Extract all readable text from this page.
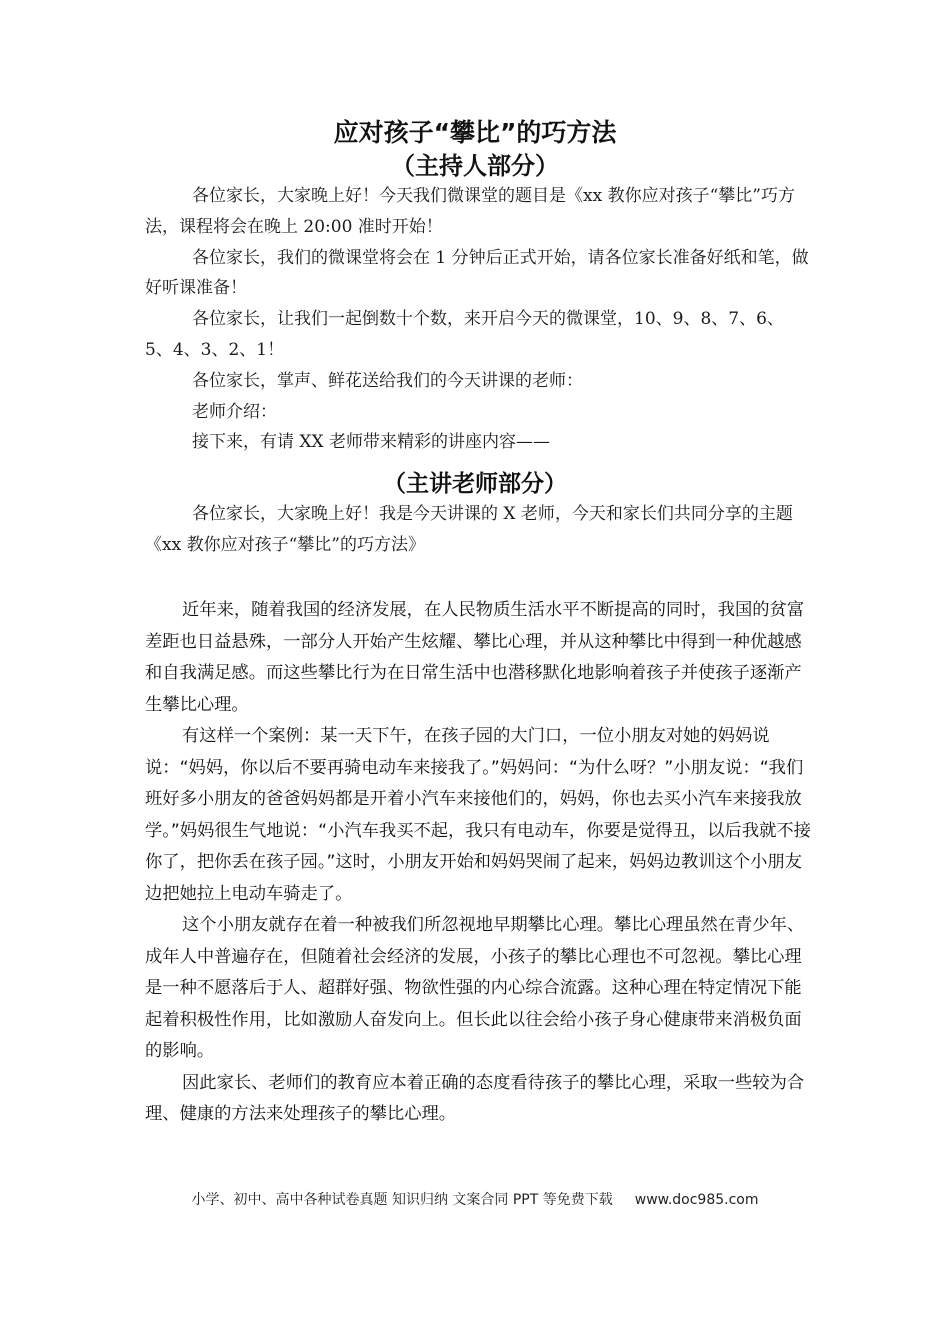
应对孩子“攀比”的巧方法
（主持人部分）

各位家长，大家晚上好！今天我们微课堂的题目是《xx 教你应对孩子“攀比”巧方法，课程将会在晚上 20:00 准时开始！

各位家长，我们的微课堂将会在 1 分钟后正式开始，请各位家长准备好纸和笔，做好听课准备！

各位家长，让我们一起倒数十个数，来开启今天的微课堂，10、9、8、7、6、5、4、3、2、1！

各位家长，掌声、鲜花送给我们的今天讲课的老师：

老师介绍：

接下来，有请 XX 老师带来精彩的讲座内容——

（主讲老师部分）

各位家长，大家晚上好！我是今天讲课的 X 老师，今天和家长们共同分享的主题《xx 教你应对孩子“攀比”的巧方法》

近年来，随着我国的经济发展，在人民物质生活水平不断提高的同时，我国的贫富差距也日益悬殊，一部分人开始产生炫耀、攀比心理，并从这种攀比中得到一种优越感和自我满足感。而这些攀比行为在日常生活中也潜移默化地影响着孩子并使孩子逐渐产生攀比心理。

有这样一个案例：某一天下午，在孩子园的大门口，一位小朋友对她的妈妈说说：“妈妈，你以后不要再骑电动车来接我了。”妈妈问：“为什么呀？”小朋友说：“我们班好多小朋友的爸爸妈妈都是开着小汽车来接他们的，妈妈，你也去买小汽车来接我放学。”妈妈很生气地说：“小汽车我买不起，我只有电动车，你要是觉得丑，以后我就不接你了，把你丢在孩子园。”这时，小朋友开始和妈妈哭闹了起来，妈妈边教训这个小朋友边把她拉上电动车骑走了。

这个小朋友就存在着一种被我们所忽视地早期攀比心理。攀比心理虽然在青少年、成年人中普遍存在，但随着社会经济的发展，小孩子的攀比心理也不可忽视。攀比心理是一种不愿落后于人、超群好强、物欲性强的内心综合流露。这种心理在特定情况下能起着积极性作用，比如激励人奋发向上。但长此以往会给小孩子身心健康带来消极负面的影响。

因此家长、老师们的教育应本着正确的态度看待孩子的攀比心理，采取一些较为合理、健康的方法来处理孩子的攀比心理。

小学、初中、高中各种试卷真题 知识归纳 文案合同 PPT 等免费下载 www.doc985.com
